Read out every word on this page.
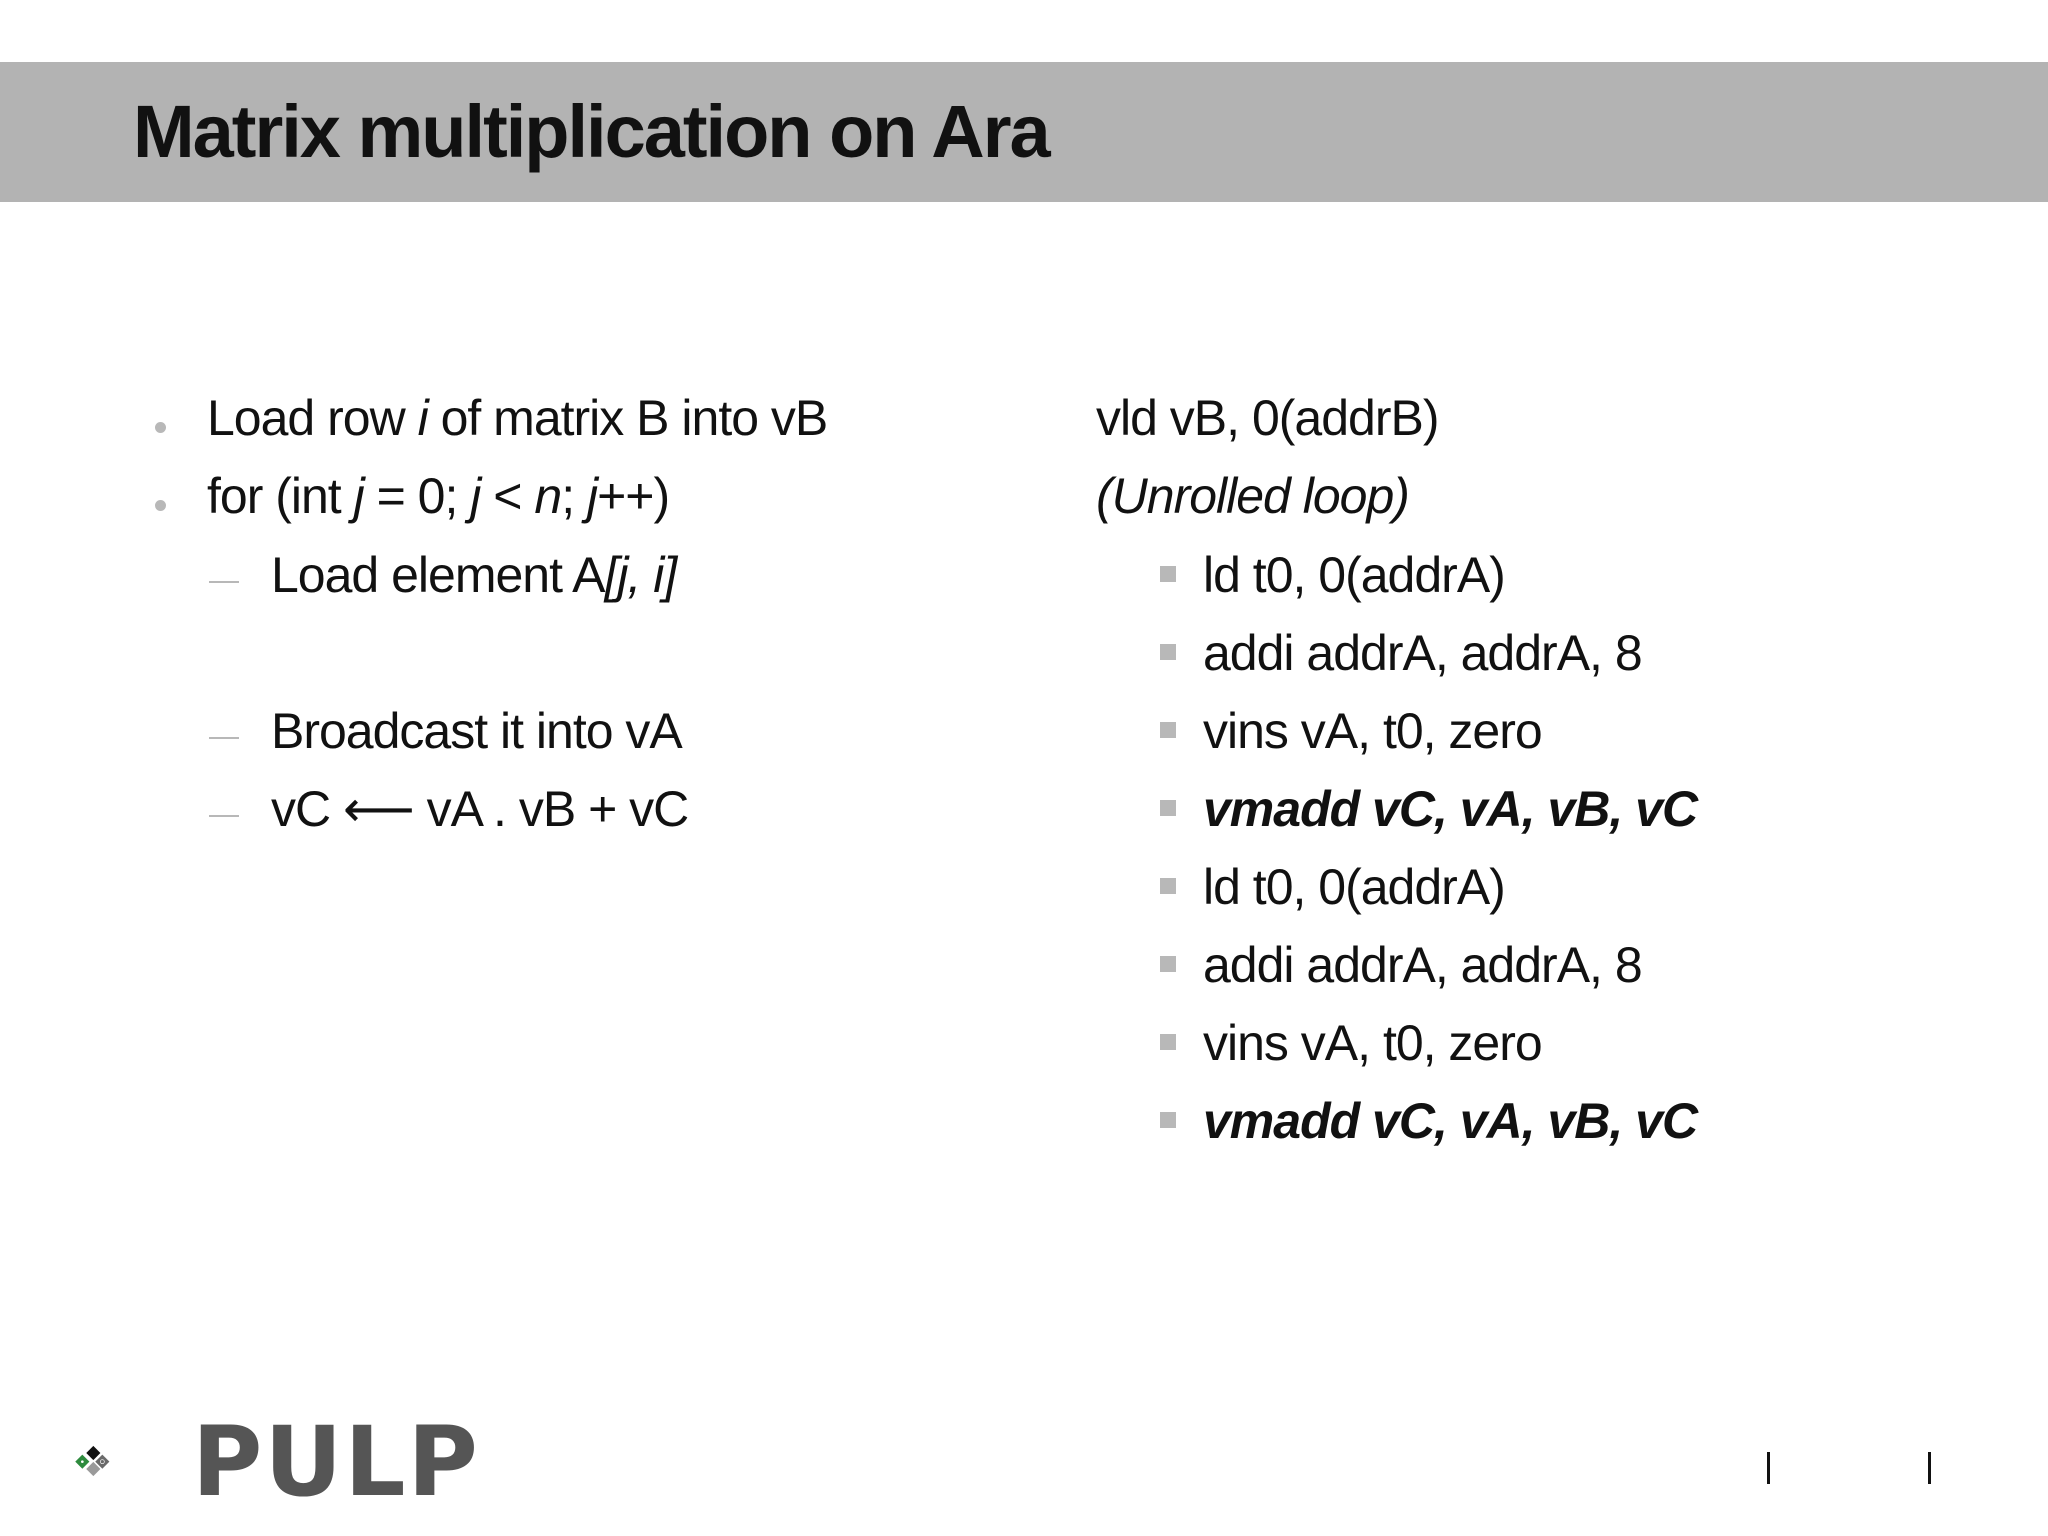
Matrix multiplication on Ara
Load row i of matrix B into vB
for (int j = 0; j < n; j++)
Load element A[j, i]
Broadcast it into vA
vC ⟵ vA . vB + vC
vld vB, 0(addrB)
(Unrolled loop)
ld t0, 0(addrA)
addi addrA, addrA, 8
vins vA, t0, zero
vmadd vC, vA, vB, vC
ld t0, 0(addrA)
addi addrA, addrA, 8
vins vA, t0, zero
vmadd vC, vA, vB, vC
PULP
